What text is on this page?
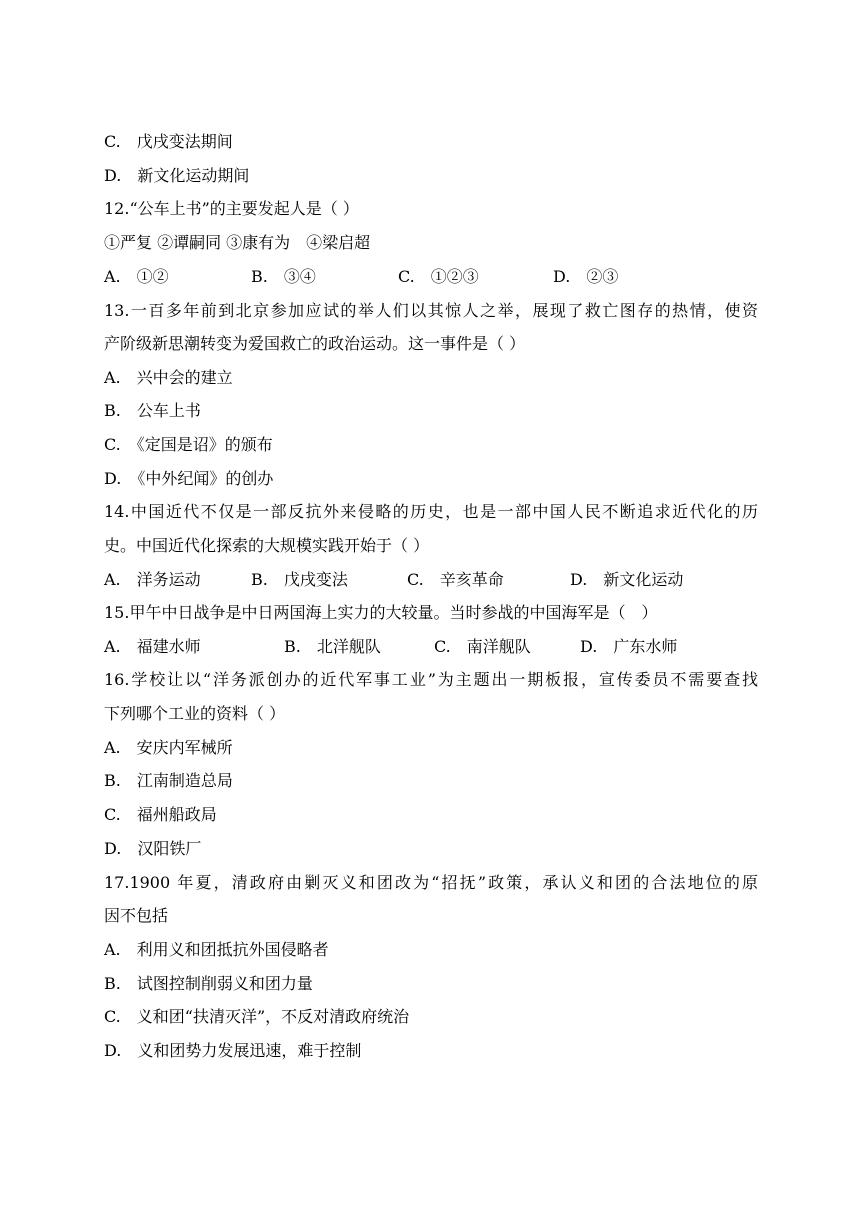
C.　戊戌变法期间
D.　新文化运动期间
12.“公车上书”的主要发起人是（ ）
①严复 ②谭嗣同 ③康有为　④梁启超
A.　①②	B.　③④	C.　①②③	D.　②③
13.一百多年前到北京参加应试的举人们以其惊人之举，展现了救亡图存的热情，使资
产阶级新思潮转变为爱国救亡的政治运动。这一事件是（ ）
A.　兴中会的建立
B.　公车上书
C.　《定国是诏》的颁布
D.　《中外纪闻》的创办
14.中国近代不仅是一部反抗外来侵略的历史，也是一部中国人民不断追求近代化的历
史。中国近代化探索的大规模实践开始于（ ）
A.　洋务运动	B.　戊戌变法	C.　辛亥革命	D.　新文化运动
15.甲午中日战争是中日两国海上实力的大较量。当时参战的中国海军是（　）
A.　福建水师	B.　北洋舰队	C.　南洋舰队	D.　广东水师
16.学校让以“洋务派创办的近代军事工业”为主题出一期板报，宣传委员不需要查找
下列哪个工业的资料（ ）
A.　安庆内军械所
B.　江南制造总局
C.　福州船政局
D.　汉阳铁厂
17.1900 年夏，清政府由剿灭义和团改为“招抚”政策，承认义和团的合法地位的原
因不包括
A.　利用义和团抵抗外国侵略者
B.　试图控制削弱义和团力量
C.　义和团“扶清灭洋”，不反对清政府统治
D.　义和团势力发展迅速，难于控制
